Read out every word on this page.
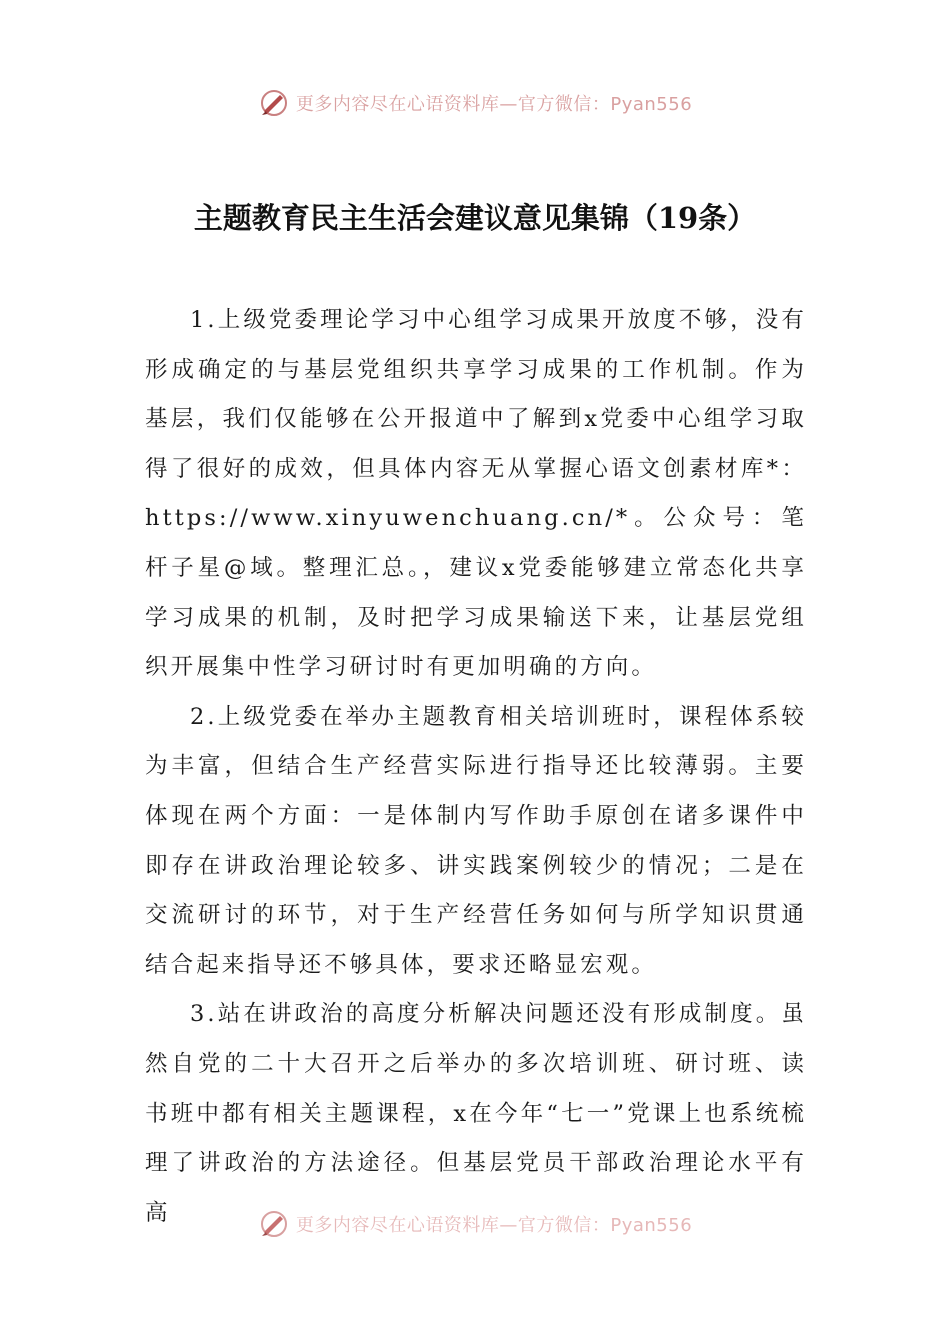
更多内容尽在心语资料库—官方微信：Pyan556
主题教育民主生活会建议意见集锦（19条）

1.上级党委理论学习中心组学习成果开放度不够，没有形成确定的与基层党组织共享学习成果的工作机制。作为基层，我们仅能够在公开报道中了解到x党委中心组学习取得了很好的成效，但具体内容无从掌握心语文创素材库*：https://www.xinyuwenchuang.cn/*。公众号：笔杆子星@域。整理汇总。，建议x党委能够建立常态化共享学习成果的机制，及时把学习成果输送下来，让基层党组织开展集中性学习研讨时有更加明确的方向。

2.上级党委在举办主题教育相关培训班时，课程体系较为丰富，但结合生产经营实际进行指导还比较薄弱。主要体现在两个方面：一是体制内写作助手原创在诸多课件中即存在讲政治理论较多、讲实践案例较少的情况；二是在交流研讨的环节，对于生产经营任务如何与所学知识贯通结合起来指导还不够具体，要求还略显宏观。

3.站在讲政治的高度分析解决问题还没有形成制度。虽然自党的二十大召开之后举办的多次培训班、研讨班、读书班中都有相关主题课程，x在今年“七一”党课上也系统梳理了讲政治的方法途径。但基层党员干部政治理论水平有高	更多内容尽在心语资料库—官方微信：Pyan556
